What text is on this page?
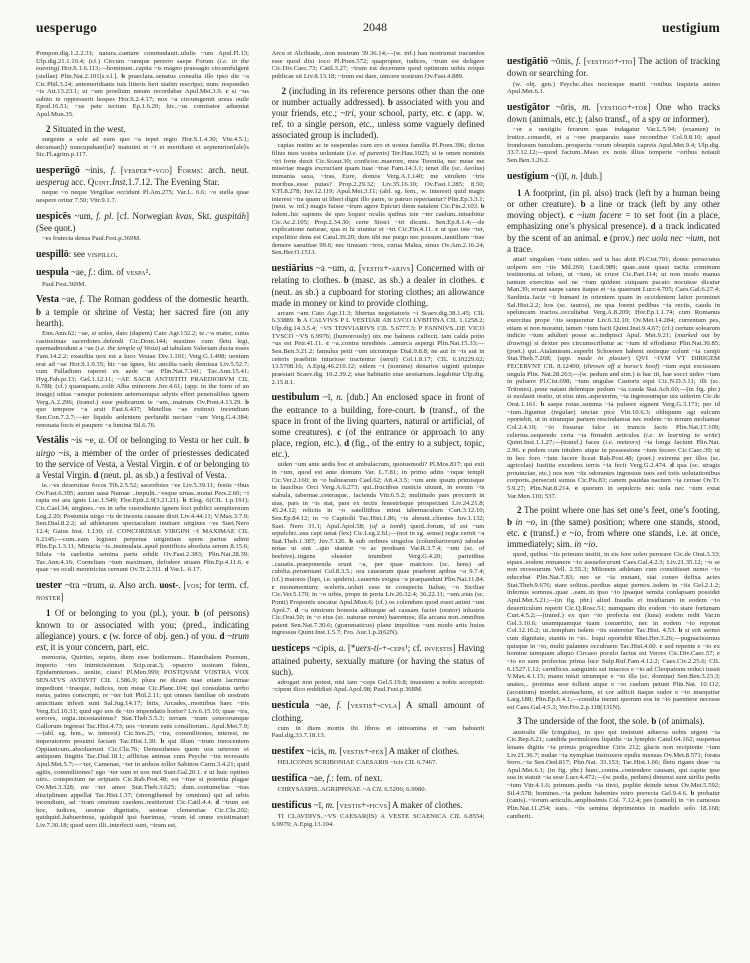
uesperugo	2048	uestigium

Pompon.dig.1.2.2.31; natura..cantum commodauit..ululis ~um Apul.Fl.13; Ulp.dig.21.1.10.4; (cf.) Circum ~umque pererro saepe Forum (i.e. in the euening) Hor.S.1.6.113;—hominum..capita ~is magno praesagio circumfulgent (stellae) Plin.Nat.2.101[s.v.l.]. b praeclara..senatus consulta illo ipso die ~a Cic.Phil.3.24; antemeridianis tuis litteris heri statim rescripsi; nunc respondeo ~is Att.13.23.1; ut ~um proelium meum recordabar Apul.Met.3.9. c si ~us subito te oppresserit hospes Hor.S.2.4.17; nox ~a circumgemit ursus ouile Epod.16.51; ~us pete tectum Ep.1.6.20; hic..~us comisator aduentat Apul.Mun.35.

2 Situated in the west.

surgente a sole ad eum quo ~a tepet regio Hor.S.1.4.30; Vitr.4.5.1; decuman⟨i⟩ nuncupabant⟨ur⟩ matutini et ~i et meridiani et septentrion⟨ale⟩s Sic.Fl.agrim.p.117.

uesperūgō ~inis, f. [vesper+-vgo] Forms: arch. neut. uesperug acc. Quint.Inst.1.7.12. The Evening Star.

neque ~o neque Vergiliae occidunt Pl.Am.275; Var.L. 6.6; ~o stella quae uespere oritur 7.50; Vitr.9.1.7.

uespicēs ~um, f. pl. [cf. Norwegian kvas, Skt. guspitáh] (See quot.)

~es frutecta densa Paul.Fest.p.369M.

uespillō: see vispillo.

uespula ~ae, f.: dim. of vespa².

Paul.Fest.369M.

Vesta ~ae, f. The Roman goddess of the domestic hearth. b a temple or shrine of Vesta; her sacred fire (on any hearth).

Enn.Ann.62; ~ae, si uoles, dato (dapem) Cato Agr.132.2; te..~a mater, cuius castissimas sacerdotes..defendi Cic.Dom.144; maximo cum fletu legi, quemadmodum a ~ae (i.e. the temple of Vesta) ad tabulam Valeriam ducta esses Fam.14.2.2; exaudita uox est a luco Vestae Div.1.101; Verg.G.1.498; uentum erat ad ~ae Hor.S.1.9.35; hic ~ae ignes, hic ancilia caelo demissa Liv.5.52.7; cum Palladium raperet ex aede ~ae Plin.Nat.7.141; Tac.Ann.15.41; Hyg.Fab.pr.13; Gel.1.12.11; ~AE SACR ANTISTITI PRAEDIORVM CIL 6.788; (cf.) quamquam..colit Alba minorem Juv.4.61; (app. in the form of an image) uittas ~amque potentem aeternumque adytis effert penetralibus ignem Verg.A.2.296; (transf.) esse pudicarum te ~am,..matrum Ov.Pont.4.13.29. b quo tempore ~a arsit Fast.6.437; Metellus ~ae extinxit incendium Sen.Con.7.2.7;—ter liquido ardentem perfundit nectare ~am Verg.G.4.384; renouata focis et paupere ~a lumina Sil.6.76.

Vestālis ~is ~e, a. Of or belonging to Vesta or her cult. b uirgo ~is, a member of the order of priestesses dedicated to the service of Vesta, a Vestal Virgin. c of or belonging to a Vestal Virgin. d (neut. pl. as sb.) a festival of Vesta.

te..~es deseruisse focos Tib.2.5.52; sacerdotes ~es Liv.5.39.11; festis ~ibus Ov.Fast.6.395; aurum uasa Numae ..impulit..~esque urnas..mutat Pers.2.60; ~i rapta est ara ignis Luc.1.549; Flor.Epit.2.9(3.21.21). b Elog. 6(CIL 1.p.191); Cic.Cael.34; uirgines..~es in urbe custodiunto ignem foci publici sempiternum Leg.2.20; Postumia uirgo ~is de incestu causam dixit Liv.4.44.11; V.Max.3.7.9; Sen.Dial.8.2.2; ad athletarum spectaculum inuitare uirgines ~es Suet.Nero 12.4; Gaius Inst. 1.130; cf. CONCORDIAE VIRGINI ~I MAXIMAE CIL 6.2145;—cum..eam legisset perpetua uirginitate spem partus adimi Plin.Ep.1.3.11; Minucia ~is..insimulata..apud pontifices absoluta serum 8.15.6; Siluia ~is caelestia semina partu edidit Ov.Fast.2.383; Plin.Nat.28.39; Tac.Ann.4.16; Corneliam ~ium maximam, defodere uiuam Plin.Ep.4.11.6. c quae ~es oculi meretricius cernunt Ov.Tr.2.311. d Var.L. 6.17.

uester ~tra ~trum, a. Also arch. uost-. [vos; for term. cf. noster]

1 Of or belonging to you (pl.), your. b (of persons) known to or associated with you; (pred., indicating allegiance) yours. c (w. force of obj. gen.) of you. d ~trum est, it is your concern, part, etc.

memoria, Quirites, repeto, diem esse hodiernum.. Hannibalem Poenum, imperio ~tro inimicissimum Scip.orat.3; opsecro uostram fidem, Epidamnienses.. uenite, ciues! Pl.Men.999; POSTQVAM VOSTRA VOX SENATVS AVDIVIT CIL 1.586.9; plura ne dicam tuae etiam lacrimae impediunt ~traeque, iudices, non meae Cic.Planc.104; qui consulatus uerbo meus, patres conscripti, re ~ter fuit Phil.2.11; qui omnes familiae ob uostram amicitiam infesti sunt Sal.Jug.14.17; bitis, Arcades,..montibus haec ~tris Verg.Ecl.10.31; quid ego uos de ~tro impendatis hortor? Liv.6.15.10; quae ~tra, sorores, orgia..incestauimus? Stat.Theb.5.5.3; terram ~tram ceterorumque Gallorum ingressi Tac.Hist.4.73; uos ~trorum estis consiliorum.. Apul.Met.7.9;—(abl. sg. fem., w. interest) Cic.Sen.25; ~tra, commilitones, interest, ne imperatorem pessimi faciant Tac.Hist.1.30. b qui illum ~trum innocentem Oppianicum..absoluerunt Cic.Clu.76; Demosthenes quem uos ueterem et antiquum fingitis Tac.Dial.18.1; afflictas animas cum Psyche ~tra recreastis Apul.Met.5.7;—~ter, Camenae, ~ter in arduos tollor Sabinos Carm.3.4.21; quid agitis, commilitones? ego ~ter sum et uos mei Suet.Gal.20.1. c ut huic optimo uiro.. conspectum ne eripiatis Cic.Rab.Post.48; est ~trae si potentia plagae Ov.Met.3.328; me ~ter amor Stat.Theb.3.625; dum..contumelias ~tras disciplinam appellat Tac.Hist.1.37; (strengthened by omnium) qui ad urbis incendium, ad ~tram omnium caedem..restiterunt Cic.Catil.4.4. d ~trum est hoc, iudices, uestrae dignitatis, uestrae clementiae Cic.Clu.202; quidquid..habuerimus, quidquid ipsi fuerimus, ~trum id omne existimaturi Liv.7.30.18; quod uero illi..interfecti sunt, ~trum est,

Arcu et Alcibiade,..non nostrum 39.36.14;—(w. inf.) hau nostrumst iracundos esse quod dixi ioco Pl.Poen.572; quapropter, iudices, ~trum est deligere Cic.Div.Caec.73; Catil.3.27; ~trum est decernere quod optimum uobis reique publicae sit Liv.8.13.18; ~trum est dare, uincere nostrum Ov.Fast.4.889.

2 (including in its reference persons other than the one or number actually addressed). b associated with you and your friends, etc.; ~tri, your school, party, etc. c (app. w. ref. to a single person, etc., unless some vaguely defined associated group is included).

capias restim ac te suspendas cum ero et uostra familia Pl.Poen.396; dictus filius tuos uostra uoluntate (i.e. of parents) Ter.Hau.1025; si te omen nominis ~tri forte duxit Cic.Scaur.30; conficior..maerore, mea Terentia, nec meae me miseriae magis excruciant quam tuae ~trae Fam.14.3.1; tenet ille (sc. Aeolus) immania saxa, ~tras, Eure, domos Verg.A.1.140; me similem ~tris moribus..esse putas? Prop.2.29.32; Liv.35.16.10; Ov.Fast.1.285; 8.50; V.Fl.8.278; Juv.12.119; Apul.Met.3.11; (abl. sg. fem., w. interest) quid magis interest ~tra quam ut liberi digni illo patre, te patruo reperiantur? Plin.Ep.3.3.1; (neut. w. inf.) magis fuisse ~trum agere Epicuri diem natalem Cic.Fin.2.103. b isdem..hic sapiens de quo loquor oculis quibus iste ~ter caelum..intuebitur Cic.Ac.2.105; Prop.2.34.30; certe Stoici ~tri dicunt.. Sen.Ep.8.1.4;—de explicatione naturae, qua et hi utuntur et ~tri Cic.Fin.4.11. c ut quo iste ~ter, expolitior dens est Catul.39.20; dum tibi me purgo nec possum..tantillum ~trae demere saeuitiae 99.6; nec timeam ~tros, curua Malea, sinus Ov.Am.2.16.24; Sen.Her.O.1513.

uestiārius ~a ~um, a. [vestis+-arivs] Concerned with or relating to clothes. b (masc. as sb.) a dealer in clothes. c (neut. as sb.) a cupboard for storing clothes; an allowance made in money or kind to provide clothing.

arcam ~am Cato Agr.11.3; libertus negotiatoris ~i Scaev.dig.38.1.45; CIL 6.33889. b A CALVIVS P L VESTIAR AB LVCO LVBITINA CIL 1.1258.2; Ulp.dig.14.3.5.4; ~VS TENVIARIVS CIL 5.6777.3; P FANNIVS..DE VICO TVSCO ~VS 6.9976; (humorously) uix me balneus calfecit. tam calda potio ~us est Petr.41.11. c ~a..contra teredines ..amurca aspergi Plin.Nat.15.33;—Sen.Ben.3.21.2; famulus petit ~um uictumque Dial.9.8.8; ne aut in ~is aut in ceteris praebitis iniuriose tractentur (serui) Col.1.8.17; CIL 6.10229.62; 13.5708.16; A.Epig.46.210.12; eidem ~i (nomine) denarios uiginti quinque praestari Scaev.dig. 10.2.39.2; siue habitatio siue uestiarium..legabitur Ulp.dig. 2.15.8.1.

uestibulum ~ī, n. [dub.] An enclosed space in front of the entrance to a building, fore-court. b (transf., of the space in front of the living quarters, natural or artificial, of some creatures). c (of the entrance or approach to any place, region, etc.). d (fig., of the entry to a subject, topic, etc.).

uiden ~um ante aedis hoc et ambulacrum, quoiusmodi? Pl.Mos.817; qui exit in ~um, quod est ante domum Var. L.7.81; in primo aditu ~oque templi Cic.Ver.2.160; in ~o balnearum Cael.62; Att.4.3.5; ~um ante ipsum primisque in faucibus Orci Verg.A.6.273; qui..fructibus rusticis uiuunt, in eorum ~is stabula, tabernae..ceteraque.. facienda Vitr.6.5.2; multitudo pars procurrit in uias, pars in ~is stat, pars ex tectis fenestrisque prospectant Liv.24.21.8; 45.24.12; relictis in ~o satellitibus intrat tabernaculum Curt.3.12.10; Sen.Ep.84.12; in ~o Capitolii Tac.Hist.1.86; ~is abeunt..clientes Juv.1.132; Suet. Nero 31.1; Apul.Apol.58; (of a tomb) quod..forum, id est ~um sepulchri..usu capi uetat (lex) Cic.Leg.2.61;—(not in sg. sense) regia cernit ~a Stat.Theb.1.387; Juv.7.126. b sub ordines singulos (columbariorum) tabulae notae ut sint ..quo utantur ~o ac prodeant Var.R.3.7.4; ~um (sc. of beehive)..ingens oleaster inumbret Verg.G.4.20; parietibus ..cauatis..praeponenda erunt ~a, per quae matrices (sc. hens) ad cubilia..perueniant Col.8.3.5.; ora cauearum quae praebent apibus ~a 9.7.4; (cf.) maiores (lupi, i.e. spiders)..cauernis exigua ~a praepandunt Plin.Nat.11.84. c monumentum; sceleris..uoluit esse in conspectu Italiae, ~o Siciliae Cic.Ver.5.170; in ~o urbis, prope in porta Liv.26.32.4; 36.22.11; ~um..eius (sc. Ponti) Propontis uocatur Apul.Mun.6; (cf.) os colendum quod esset animi ~um Apol.7. d ~a nimirum honesta aditusque ad causam faciet (orator) inlustris Cic.Orat.50; in ~o eius (sc. naturae rerum) haeremus; illa arcana non..omnibus patent Sen.Nat.7.30.6; (grammaticus) plane impolitus ~um modo artis huius ingressus Quint.Inst.1.5.7; Fro. Aur.1.p.2(62N).

uesticeps ~cipis, a. [*uers-ti-+-ceps¹; cf. investis] Having attained puberty, sexually mature (or having the status of such).

adrogari non potest, nisi iam ~ceps Gel.5.19.8; inuestem a nobis accepisti: ~cipem ilico reddidisti Apul.Apol.98; Paul.Fest.p.368M.

uesticula ~ae, f. [vestis+-cvla] A small amount of clothing.

cum in diem mortis ibi libros et uitreamina et ~am habuerit Paul.dig.33.7.18.13.

uestifex ~icis, m. [vestis+-fex] A maker of clothes.

HELICONIS SCRIBONIAE CAESARIS ~icis CIL 6.7467.

uestifica ~ae, f.: fem. of next.

CHRYSASPIS..AGRIPPINAE ~A CIL 6.5206; 6.9980.

uestificus ~ī, m. [vestis+-ficvs] A maker of clothes.

TI CLAVDIVS..~VS CAESAR(IS) A VESTE SCAENICA CIL 6.8554; 6.9979; A.Epig.13.104.

uestīgātiō ~ōnis, f. [vestigo+-tio] The action of tracking down or searching for.

(w. obj. gen.) Psyche..dies noctesque mariti ~onibus inquieta animo Apul.Met.6.1.

uestīgātor ~ōris, m. [vestigo+-tor] One who tracks down (animals, etc.); (also transf., of a spy or informer).

~or a uestigiis ferarum quas indagatur Var.L.5.94; (examen) in frutice..consedit, et a ~ore praeparato uase reconditur Col.9.8.10; apud frondosum tumulum..prospectu ~orum obseptis capreis Apul.Met.9.4; Ulp.dig. 33.7.12.12;—quod factum..Maso ex notis illius temperie ~oribus notauit Sen.Ben.3.26.2.

uestīgium ~(i)ī, n. [dub.]

1 A footprint, (in pl. also) track (left by a human being or other creature). b a line or track (left by any other moving object). c ~ium facere = to set foot (in a place, emphasizing one’s physical presence). d a track indicated by the scent of an animal. e (prov.) nec uola nec ~ium, not a trace.

attat! singulum ~ium uideo. sed is hac abiit Pl.Cist.701; donec persecutus uolpem ero ~iis Mil.269; Lucil.989; quae..sunt quasi tacita criminum testimonia..ut telum, ut ~ium, ut cruor Cic.Part.114; ut non modo manus tantum exercitus sed ne ~ium quidem cuiquam pacato nocuisse dicatur Man.39; errant saepe canes itaque et ~ia quaerunt Lucr.4.705; Caes.Gal.6.27.4; Sardinia..facie ~ii humani in orientem quam in occidentem latior prominet Sal.Hist.2.2; hos (sc. tauros), ne qua forent pedibus ~ia rectis, cauda in speluncam tractos..occultabat Verg.A.8.209; Hor.Ep.1.1.74; cum Romanus exercitus prope ~iis sequeretur Liv.6.32.10; Ov.Met.14.284; currentum pes, etiam si non moratur, tamen ~ium facit Quint.Inst.9.4.67; (cf.) certum solearum indicio ~ium adulteri posse sc..indipisci Apul. Met.9.21; (marked out by drawing) si dexter pes circumscribatur ac ~ium id effodiatur Plin.Nat.30.85; (poet.) qui..Atalanteam..superbi Schoenen habent notisque colunt ~ia campi Stat.Theb.7.268; (app. made in plaster) QVI ~IVM VT DIRIGEM FECERVNT CIL 8.12400; (thrown off a horse’s hoof) ~ium equi excussum ungula Plin. Nat.28.263;—(w. pedum and sim.) is hac iit, hae socci uideo ~ium in puluere Pl.Cist.698; ~ium ungulae Castoris equi Cic.N.D.3.11; illi (sc. Tritones)..pone natant delentque pedum ~ia cauda Stat.Ach.60;—(in fig. phr.) si euolauit oratio, ut eius uim..aspexerim, ~ia ingressumque uix uiderim Cic.de Orat.1.161. b saepe rotae..summa ~ia pulsere signent Verg.G.3.171; per id ~ium..figuntur (regulae) unctae pice Vitr.10.6.3; obliquum agi sulcum oportebit, ut in utramque partem rescindamus nec eodem ~io terram moliamur Col.2.4.10; ~io fissurae falce in truncis facto Plin.Nat.17.109; celerius..sequendo certa ~ia firmabit articulos (i.e. in learning to write) Quint.Inst.1.1.27;—(transf.) faces (i.e. meteors) ~ia longa faciunt Plin.Nat. 2.96. c pedem cum intulero atque in possessione ~ium fecero Cic.Caec.39; ut in hoc foro ~ium facere liceat Rab.Post.48; (poet.) extrema per illos (sc. agricolas) Iustitia excedens terris ~ia fecit Verg.G.2.474. d qua (sc. stragis prouinciae, etc.) nos non ~iis odorantes ingressus tuos sed totis uolutationibus corporis..persecuti sumus Cic.Pis.83; canem pauidas nactum ~ia ceruae Ov.Tr. 5.9.27; Plin.Nat.8.214. e quorum in sepulcris nec uola nec ~ium extat Var.Men.110; 537.

2 The point where one has set one’s feet, one’s footing. b in ~o, in (the same) position; where one stands, stood, etc. c (transf.) e ~io, from where one stands, i.e. at once, immediately; sim. in ~io.

quod, quibus ~iis primum institi, in eis fere soleo perorare Cic.de Orat.3.33; eques..eodem remanere ~io assuefecerunt Caes.Gal.4.2.3; Liv.21.35.12; ~o se non recessurum Vell. 2.55.3; Milonem athletam cum constitisset nemo ~io educebat Plin.Nat.7.83; nec se ~ia mutant, stat cuneo defixa acies Stat.Theb.9.676; stare solitus..perdius atque pernox..isdem in ~iis Gel.2.1.2; infernus somnus..quae ..eam..in ipso ~io ipsaque semita conlapsam possidet Apul.Met.5.21;—(in fig. phr.) aliud fraudis et insidiarum in eodem ~io deuerticulum reperit Cic.Q.Rosc.51; numquam diu eodem ~io stare fortunam Curt.4.5.2;—(transf.) ex quo ~io profecta est (luna) eodem redit Var.in Gel.3.10.6; unamquamque tuam conuertito, nec in eodem ~io reponat Col.12.16.2; ut..templum isdem ~iis sisteretur Tac.Hist. 4.53. b si erit sermo cum dignitate, stantis in ~io.. loqui oportebit Rhet.Her.3.26;—pugnacissimus quisque in ~io, multi palantes occubuere Tac.Hist.4.60. c sed repente e ~io ex homine tamquam aliquo Circaeo poculo factus est Verres Cic.Div.Caec.57; e ~io eo sum profectus prima luce Sulp.Ruf.Fam.4.12.2; Caes.Civ.2.25.6; CIL 6.1527.1.12; carnifices..sanguinis sui intactos e ~io ad Cleopatram reduci iussit V.Max.4.1.15; manu misit utrumque e ~io illa (sc. domina) Sen.Ben.3.23.3; anates,.. protinus sese tollunt atque e ~io caelum petunt Plin.Nat. 10.112; (aconitum) mordet..stomachum, et cor adficit itaque sudor e ~io insequitur Larg.188; Plin.Ep.6.4.1;—consilia ineunt quorum eos in ~io paenitere necesse est Caes.Gal.4.5.3; Ver.Fro.2.p.118(131N).

3 The underside of the foot, the sole. b (of animals).

australis ille (cingulus), in quo qui insistunt aduersa uobis urgent ~ia Cic.Rep.6.21; candida permulcens liquidis ~ia lymphis Catul.64.162; suspensa leuans digitis ~ia primis progreditur Ciris 212; glacie non recipiente ~ium Liv.21.36.7; nudae ~ia nymphae instruxere epulis mensas Ov.Met.8.571; forata ferro..~ia Sen.Oed.817; Plin.Nat. 33.153; Tac.Hist.1.66; fletu rigans deae ~ia Apul.Met.6.1; (in fig. phr.) hunc..contra..contendere causam, qui capite ipse sua in statuit ~ia sese Lucr.4.472;—(w. pedis, pedum) dimensi sunt uirilis pedis ~ium Vitr.4.1.6; primum..pedis ~ia tinxi, poplite deinde tenus Ov.Met.5.592; Sil.4.578; homines..~ia pedum habentes retro porrecta Gel.9.4.6. b probatur (canis)..~iorum articulis..amplissimis Col. 7.12.4; pes (cameli) in ~io carnosus Plin.Nat.11.254; sues.. ~iis semina deprimentes in madido solo 18.168; cantherii..
